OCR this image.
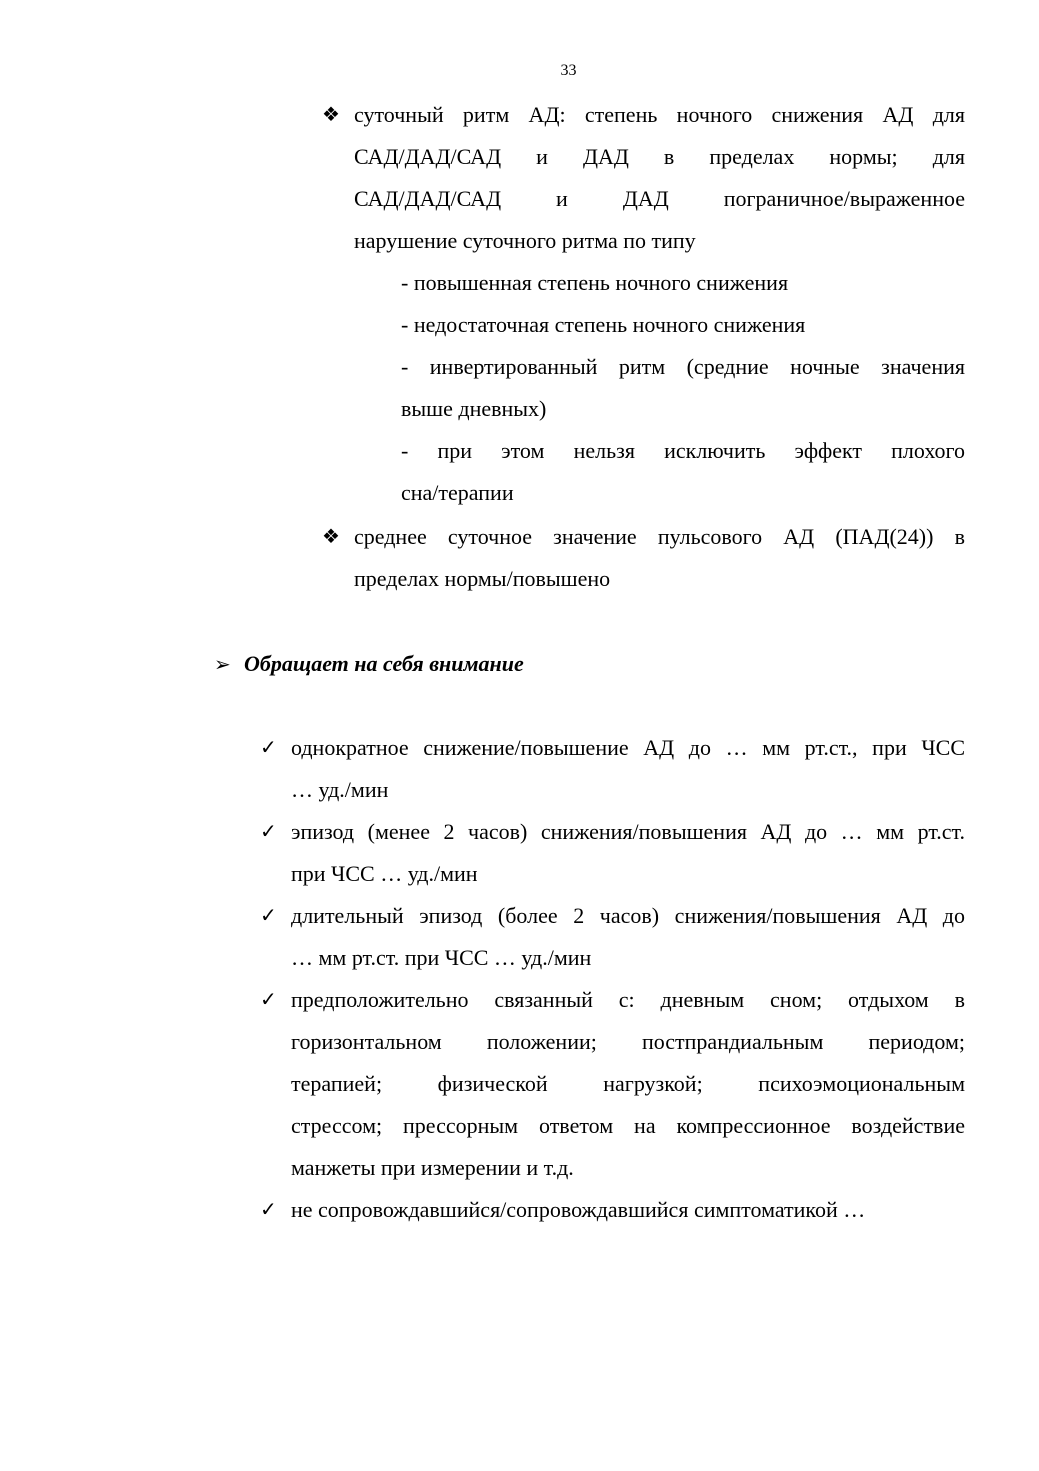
33
❖ суточный ритм АД: степень ночного снижения АД для
САД/ДАД/САД и ДАД в пределах нормы; для
САД/ДАД/САД и ДАД пограничное/выраженное
нарушение суточного ритма по типу
- повышенная степень ночного снижения
- недостаточная степень ночного снижения
- инвертированный ритм (средние ночные значения
выше дневных)
- при этом нельзя исключить эффект плохого
сна/терапии
❖ среднее суточное значение пульсового АД (ПАД(24)) в
пределах нормы/повышено
➢ Обращает на себя внимание
✓ однократное снижение/повышение АД до … мм рт.ст., при ЧСС
… уд./мин
✓ эпизод (менее 2 часов) снижения/повышения АД до … мм рт.ст.
при ЧСС … уд./мин
✓ длительный эпизод (более 2 часов) снижения/повышения АД до
… мм рт.ст. при ЧСС … уд./мин
✓ предположительно связанный с: дневным сном; отдыхом в
горизонтальном положении; постпрандиальным периодом;
терапией; физической нагрузкой; психоэмоциональным
стрессом; прессорным ответом на компрессионное воздействие
манжеты при измерении и т.д.
✓ не сопровождавшийся/сопровождавшийся симптоматикой …
